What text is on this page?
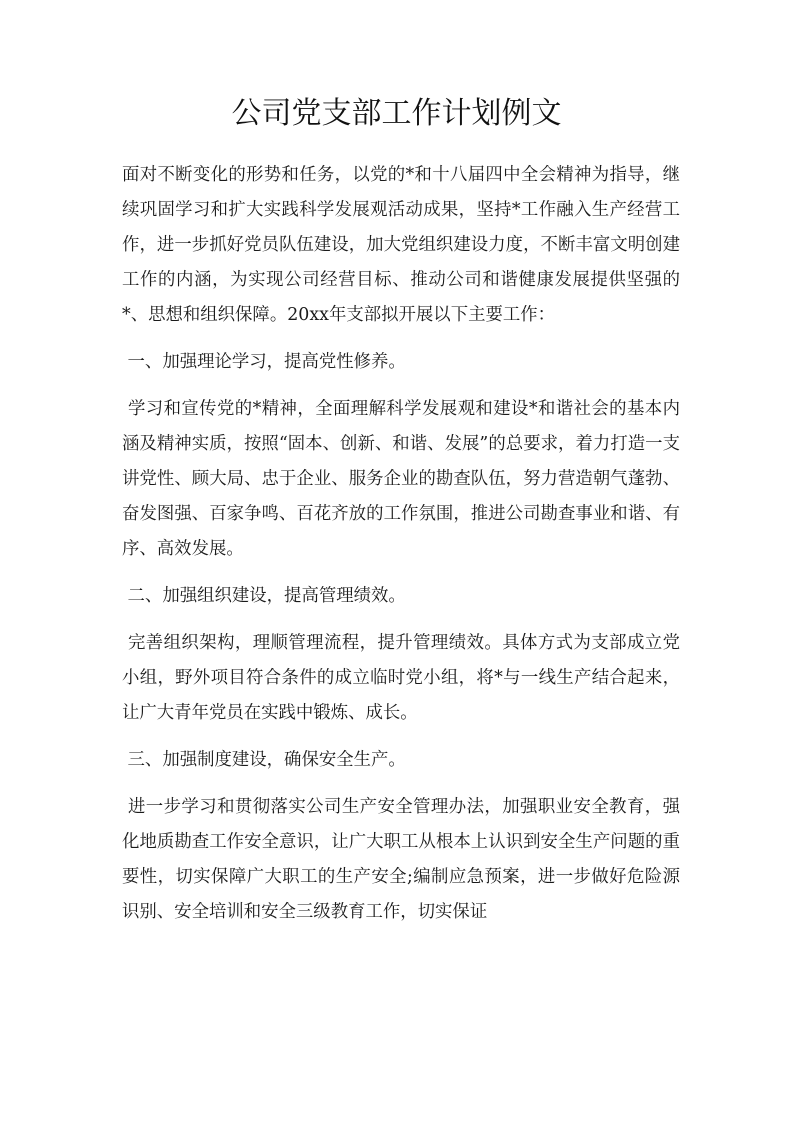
公司党支部工作计划例文

面对不断变化的形势和任务，以党的*和十八届四中全会精神为指导，继续巩固学习和扩大实践科学发展观活动成果，坚持*工作融入生产经营工作，进一步抓好党员队伍建设，加大党组织建设力度，不断丰富文明创建工作的内涵，为实现公司经营目标、推动公司和谐健康发展提供坚强的*、思想和组织保障。20xx年支部拟开展以下主要工作：

一、加强理论学习，提高党性修养。

学习和宣传党的*精神，全面理解科学发展观和建设*和谐社会的基本内涵及精神实质，按照“固本、创新、和谐、发展”的总要求，着力打造一支讲党性、顾大局、忠于企业、服务企业的勘查队伍，努力营造朝气蓬勃、奋发图强、百家争鸣、百花齐放的工作氛围，推进公司勘查事业和谐、有序、高效发展。

二、加强组织建设，提高管理绩效。

完善组织架构，理顺管理流程，提升管理绩效。具体方式为支部成立党小组，野外项目符合条件的成立临时党小组，将*与一线生产结合起来，让广大青年党员在实践中锻炼、成长。

三、加强制度建设，确保安全生产。

进一步学习和贯彻落实公司生产安全管理办法，加强职业安全教育，强化地质勘查工作安全意识，让广大职工从根本上认识到安全生产问题的重要性，切实保障广大职工的生产安全;编制应急预案，进一步做好危险源识别、安全培训和安全三级教育工作，切实保证
